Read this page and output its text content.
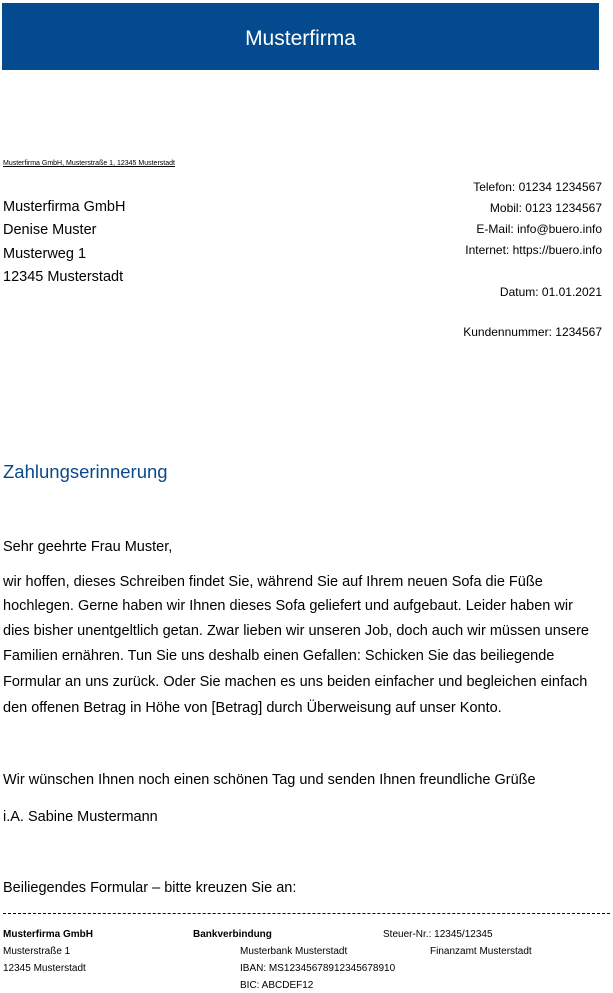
Musterfirma
Musterfirma GmbH, Musterstraße 1, 12345 Musterstadt
Musterfirma GmbH
Denise Muster
Musterweg 1
12345 Musterstadt
Telefon: 01234 1234567
Mobil: 0123 1234567
E-Mail: info@buero.info
Internet: https://buero.info
Datum: 01.01.2021
Kundennummer: 1234567
Zahlungserinnerung
Sehr geehrte Frau Muster,
wir hoffen, dieses Schreiben findet Sie, während Sie auf Ihrem neuen Sofa die Füße
hochlegen. Gerne haben wir Ihnen dieses Sofa geliefert und aufgebaut. Leider haben wir
dies bisher unentgeltlich getan. Zwar lieben wir unseren Job, doch auch wir müssen unsere
Familien ernähren. Tun Sie uns deshalb einen Gefallen: Schicken Sie das beiliegende
Formular an uns zurück. Oder Sie machen es uns beiden einfacher und begleichen einfach
den offenen Betrag in Höhe von [Betrag] durch Überweisung auf unser Konto.
Wir wünschen Ihnen noch einen schönen Tag und senden Ihnen freundliche Grüße
i.A. Sabine Mustermann
Beiliegendes Formular – bitte kreuzen Sie an:
Musterfirma GmbH
Musterstraße 1
12345 Musterstadt
Bankverbindung
Musterbank Musterstadt
IBAN: MS12345678912345678910
BIC: ABCDEF12
Steuer-Nr.: 12345/12345
Finanzamt Musterstadt
